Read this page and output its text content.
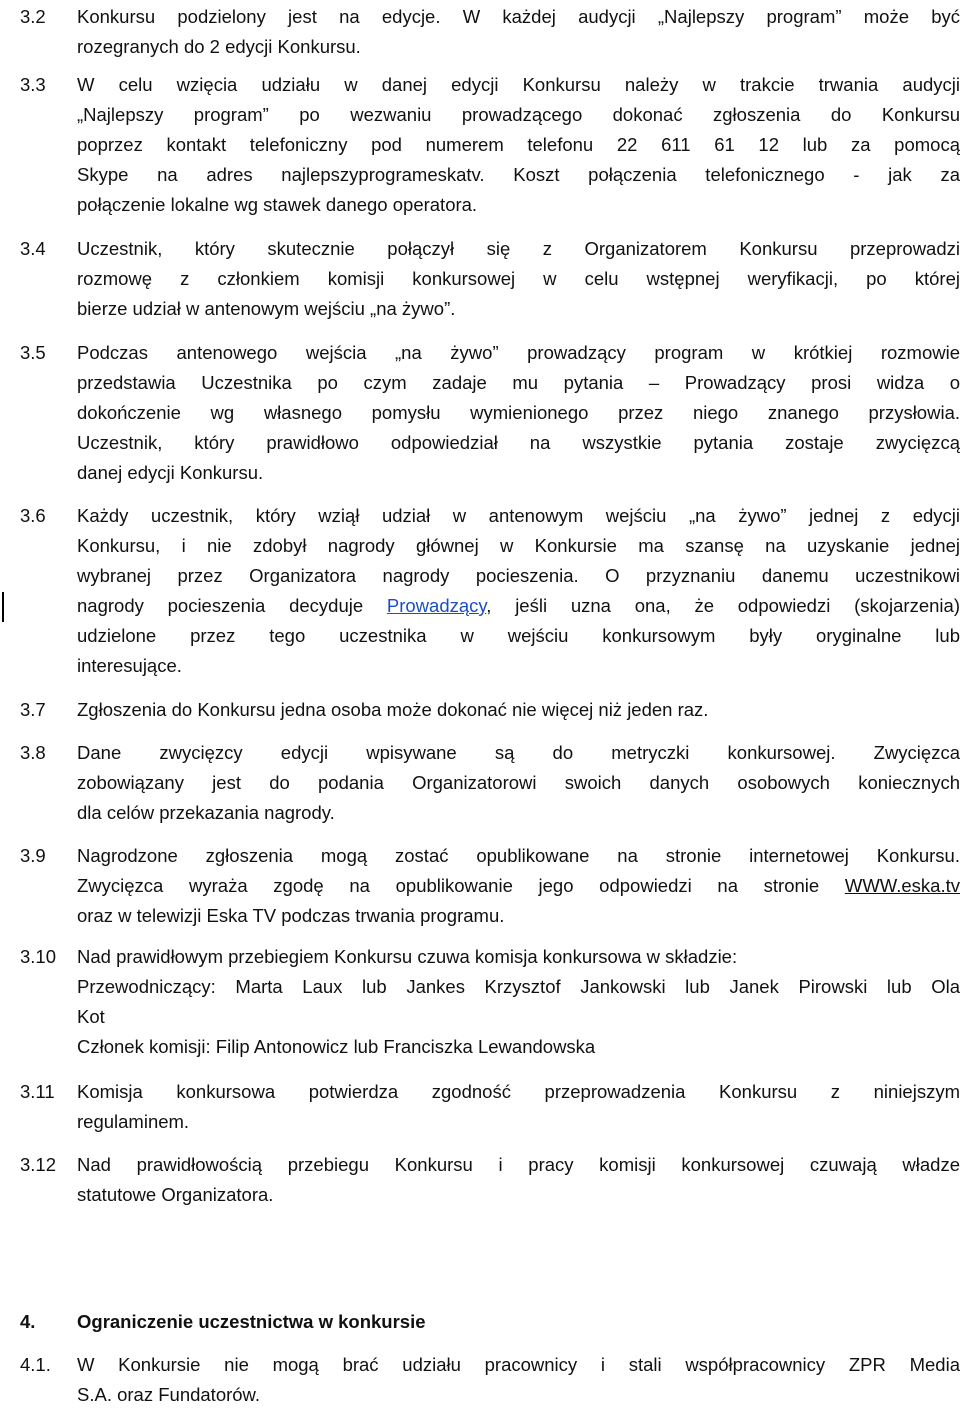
3.2 Konkursu podzielony jest na edycje. W każdej audycji „Najlepszy program” może być
rozegranych do 2 edycji Konkursu.
3.3 W celu wzięcia udziału w danej edycji Konkursu należy w trakcie trwania audycji
„Najlepszy program” po wezwaniu prowadzącego dokonać zgłoszenia do Konkursu
poprzez kontakt telefoniczny pod numerem telefonu 22 611 61 12 lub za pomocą
Skype na adres najlepszyprogrameskatv. Koszt połączenia telefonicznego - jak za
połączenie lokalne wg stawek danego operatora.
3.4 Uczestnik, który skutecznie połączył się z Organizatorem Konkursu przeprowadzi
rozmowę z członkiem komisji konkursowej w celu wstępnej weryfikacji, po której
bierze udział w antenowym wejściu „na żywo”.
3.5 Podczas antenowego wejścia „na żywo” prowadzący program w krótkiej rozmowie
przedstawia Uczestnika po czym zadaje mu pytania – Prowadzący prosi widza o
dokończenie wg własnego pomysłu wymienionego przez niego znanego przysłowia.
Uczestnik, który prawidłowo odpowiedział na wszystkie pytania zostaje zwycięzcą
danej edycji Konkursu.
3.6 Każdy uczestnik, który wziął udział w antenowym wejściu „na żywo” jednej z edycji
Konkursu, i nie zdobył nagrody głównej w Konkursie ma szansę na uzyskanie jednej
wybranej przez Organizatora nagrody pocieszenia. O przyznaniu danemu uczestnikowi
nagrody pocieszenia decyduje Prowadzący, jeśli uzna ona, że odpowiedzi (skojarzenia)
udzielone przez tego uczestnika w wejściu konkursowym były oryginalne lub
interesujące.
3.7 Zgłoszenia do Konkursu jedna osoba może dokonać nie więcej niż jeden raz.
3.8 Dane zwycięzcy edycji wpisywane są do metryczki konkursowej. Zwycięzca
zobowiązany jest do podania Organizatorowi swoich danych osobowych koniecznych
dla celów przekazania nagrody.
3.9 Nagrodzone zgłoszenia mogą zostać opublikowane na stronie internetowej Konkursu.
Zwycięzca wyraża zgodę na opublikowanie jego odpowiedzi na stronie WWW.eska.tv
oraz w telewizji Eska TV podczas trwania programu.
3.10 Nad prawidłowym przebiegiem Konkursu czuwa komisja konkursowa w składzie:
Przewodniczący: Marta Laux lub Jankes Krzysztof Jankowski lub Janek Pirowski lub Ola
Kot
Członek komisji: Filip Antonowicz lub Franciszka Lewandowska
3.11 Komisja konkursowa potwierdza zgodność przeprowadzenia Konkursu z niniejszym
regulaminem.
3.12 Nad prawidłowością przebiegu Konkursu i pracy komisji konkursowej czuwają władze
statutowe Organizatora.
4. Ograniczenie uczestnictwa w konkursie
4.1. W Konkursie nie mogą brać udziału pracownicy i stali współpracownicy ZPR Media
S.A. oraz Fundatorów.
